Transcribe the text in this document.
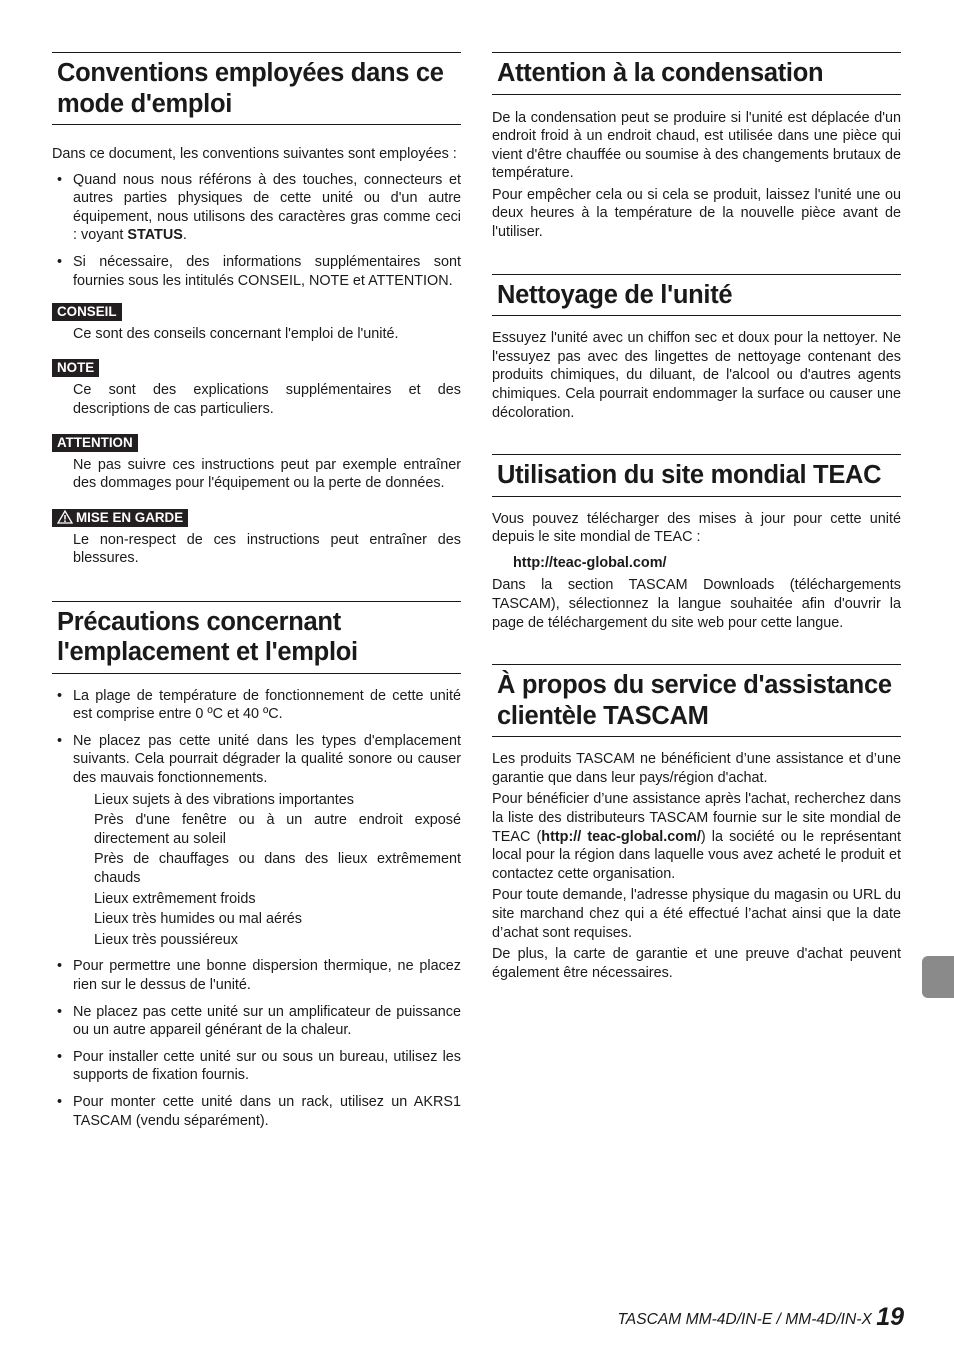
Conventions employées dans ce mode d'emploi

Dans ce document, les conventions suivantes sont employées :

• Quand nous nous référons à des touches, connecteurs et autres parties physiques de cette unité ou d'un autre équipement, nous utilisons des caractères gras comme ceci : voyant STATUS.
• Si nécessaire, des informations supplémentaires sont fournies sous les intitulés CONSEIL, NOTE et ATTENTION.
CONSEIL

Ce sont des conseils concernant l'emploi de l'unité.

NOTE

Ce sont des explications supplémentaires et des descriptions de cas particuliers.

ATTENTION

Ne pas suivre ces instructions peut par exemple entraîner des dommages pour l'équipement ou la perte de données.

MISE EN GARDE

Le non-respect de ces instructions peut entraîner des blessures.

Précautions concernant l'emplacement et l'emploi
• La plage de température de fonctionnement de cette unité est comprise entre 0 ºC et 40 ºC.
• Ne placez pas cette unité dans les types d'emplacement suivants. Cela pourrait dégrader la qualité sonore ou causer des mauvais fonctionnements.
Lieux sujets à des vibrations importantes
Près d'une fenêtre ou à un autre endroit exposé directement au soleil
Près de chauffages ou dans des lieux extrêmement chauds
Lieux extrêmement froids
Lieux très humides ou mal aérés
Lieux très poussiéreux
• Pour permettre une bonne dispersion thermique, ne placez rien sur le dessus de l'unité.
• Ne placez pas cette unité sur un amplificateur de puissance ou un autre appareil générant de la chaleur.
• Pour installer cette unité sur ou sous un bureau, utilisez les supports de fixation fournis.
• Pour monter cette unité dans un rack, utilisez un AKRS1 TASCAM (vendu séparément).
Attention à la condensation

De la condensation peut se produire si l'unité est déplacée d'un endroit froid à un endroit chaud, est utilisée dans une pièce qui vient d'être chauffée ou soumise à des changements brutaux de température.

Pour empêcher cela ou si cela se produit, laissez l'unité une ou deux heures à la température de la nouvelle pièce avant de l'utiliser.

Nettoyage de l'unité

Essuyez l'unité avec un chiffon sec et doux pour la nettoyer. Ne l'essuyez pas avec des lingettes de nettoyage contenant des produits chimiques, du diluant, de l'alcool ou d'autres agents chimiques. Cela pourrait endommager la surface ou causer une décoloration.

Utilisation du site mondial TEAC

Vous pouvez télécharger des mises à jour pour cette unité depuis le site mondial de TEAC :

http://teac-global.com/

Dans la section TASCAM Downloads (téléchargements TASCAM), sélectionnez la langue souhaitée afin d'ouvrir la page de téléchargement du site web pour cette langue.

À propos du service d'assistance clientèle TASCAM

Les produits TASCAM ne bénéficient d’une assistance et d’une garantie que dans leur pays/région d'achat.

Pour bénéficier d’une assistance après l'achat, recherchez dans la liste des distributeurs TASCAM fournie sur le site mondial de TEAC (http:// teac-global.com/) la société ou le représentant local pour la région dans laquelle vous avez acheté le produit et contactez cette organisation.

Pour toute demande, l'adresse physique du magasin ou URL du site marchand chez qui a été effectué l’achat ainsi que la date d’achat sont requises.

De plus, la carte de garantie et une preuve d'achat peuvent également être nécessaires.

TASCAM MM-4D/IN-E / MM-4D/IN-X 19
